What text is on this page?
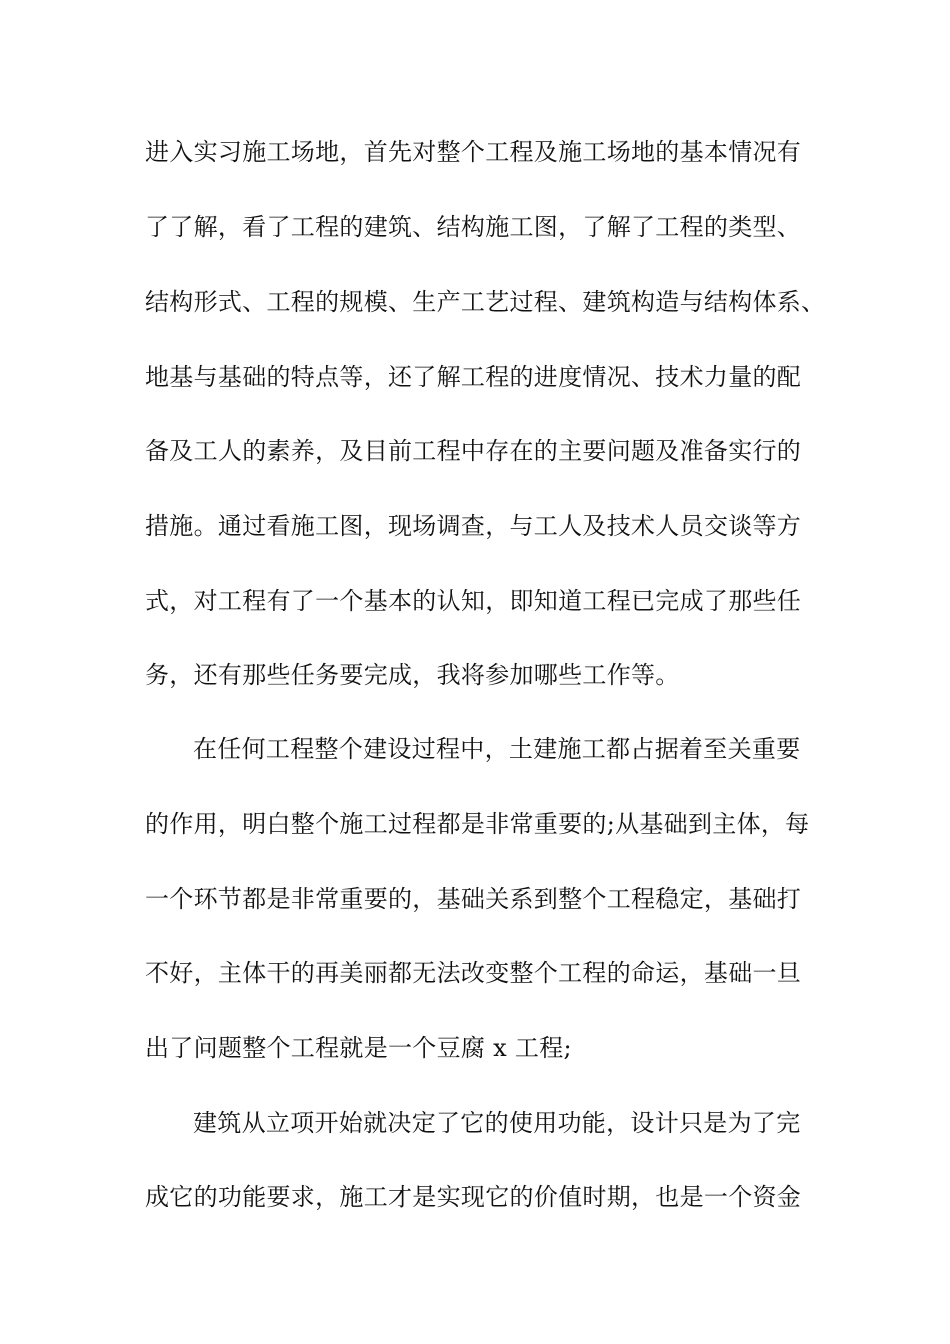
进入实习施工场地，首先对整个工程及施工场地的基本情况有

了了解，看了工程的建筑、结构施工图，了解了工程的类型、

结构形式、工程的规模、生产工艺过程、建筑构造与结构体系、

地基与基础的特点等，还了解工程的进度情况、技术力量的配

备及工人的素养，及目前工程中存在的主要问题及准备实行的

措施。通过看施工图，现场调查，与工人及技术人员交谈等方

式，对工程有了一个基本的认知，即知道工程已完成了那些任

务，还有那些任务要完成，我将参加哪些工作等。

在任何工程整个建设过程中，土建施工都占据着至关重要

的作用，明白整个施工过程都是非常重要的;从基础到主体，每

一个环节都是非常重要的，基础关系到整个工程稳定，基础打

不好，主体干的再美丽都无法改变整个工程的命运，基础一旦

出了问题整个工程就是一个豆腐 x 工程;

建筑从立项开始就决定了它的使用功能，设计只是为了完

成它的功能要求，施工才是实现它的价值时期，也是一个资金
